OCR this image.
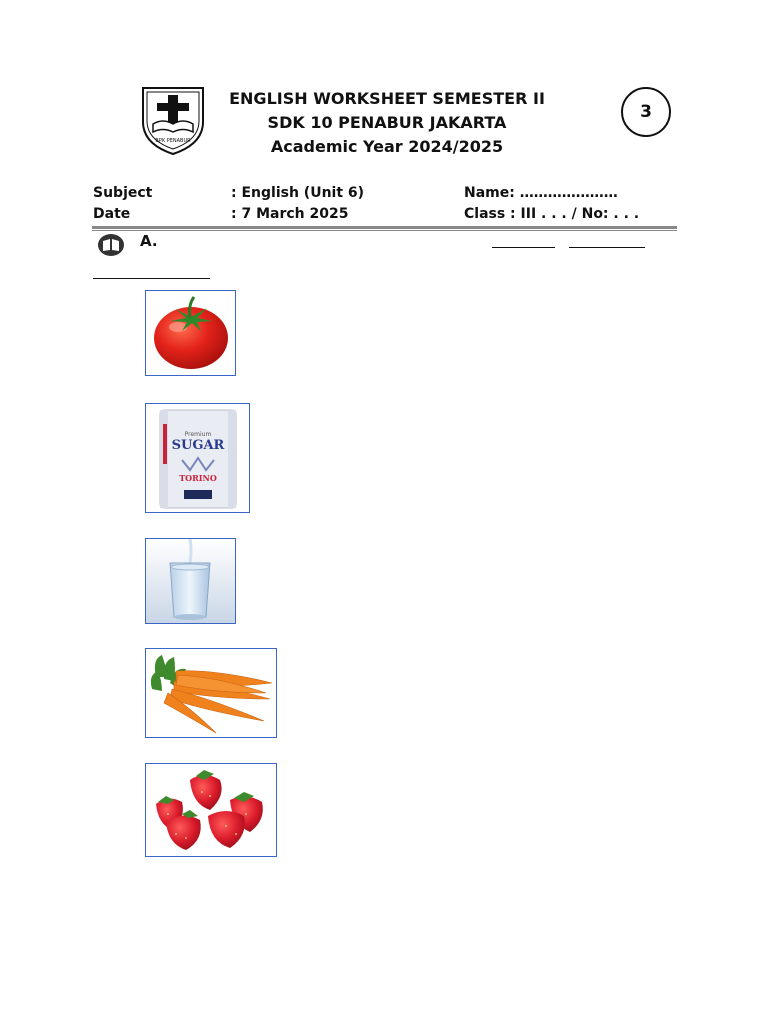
BPK PENABUR
ENGLISH WORKSHEET SEMESTER II
SDK 10 PENABUR JAKARTA
Academic Year 2024/2025
3
Subject	: English (Unit 6)	Name: …………………
Date	: 7 March 2025	Class : III . . . / No: . . .
A.
Premium
SUGAR
TORINO
